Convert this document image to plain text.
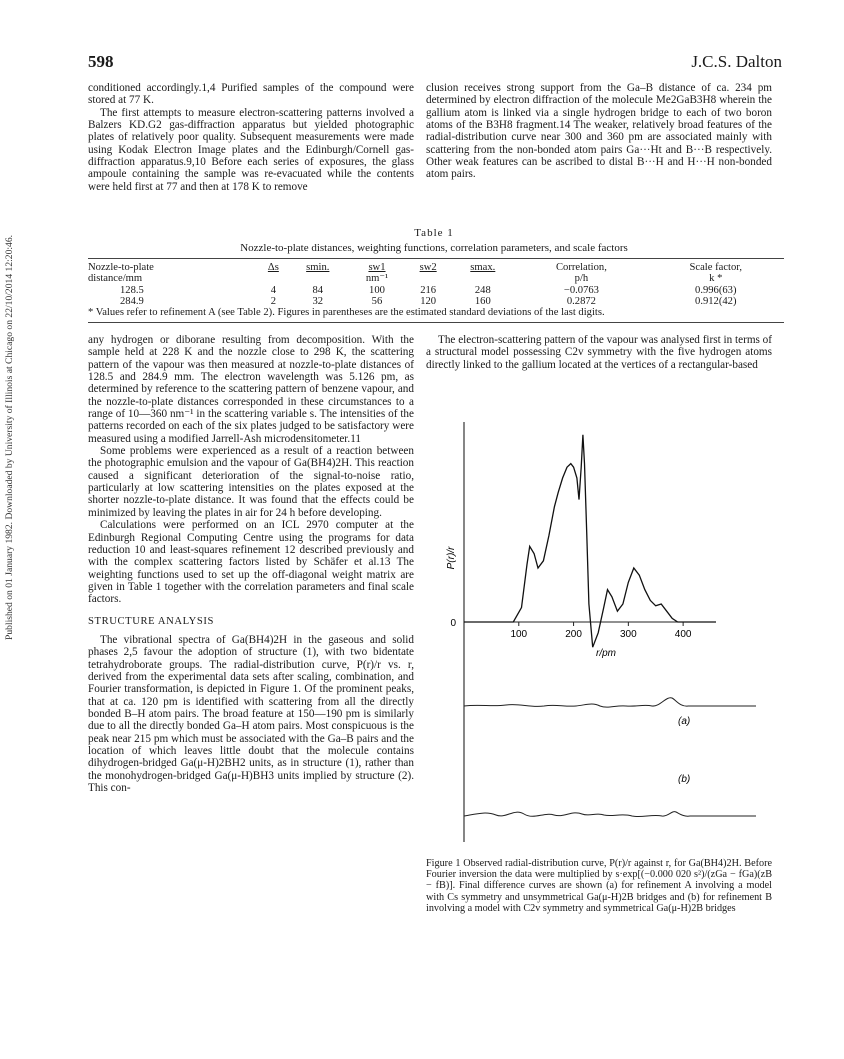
598	J.C.S. Dalton
Published on 01 January 1982. Downloaded by University of Illinois at Chicago on 22/10/2014 12:20:46.

conditioned accordingly.1,4 Purified samples of the compound were stored at 77 K.

The first attempts to measure electron-scattering patterns involved a Balzers KD.G2 gas-diffraction apparatus but yielded photographic plates of relatively poor quality. Subsequent measurements were made using Kodak Electron Image plates and the Edinburgh/Cornell gas-diffraction apparatus.9,10 Before each series of exposures, the glass ampoule containing the sample was re-evacuated while the contents were held first at 77 and then at 178 K to remove

clusion receives strong support from the Ga–B distance of ca. 234 pm determined by electron diffraction of the molecule Me2GaB3H8 wherein the gallium atom is linked via a single hydrogen bridge to each of two boron atoms of the B3H8 fragment.14 The weaker, relatively broad features of the radial-distribution curve near 300 and 360 pm are associated mainly with scattering from the non-bonded atom pairs Ga···Ht and B···B respectively. Other weak features can be ascribed to distal B···H and H···H non-bonded atom pairs.

Table 1
Nozzle-to-plate distances, weighting functions, correlation parameters, and scale factors
Nozzle-to-plate	Δs	smin.	sw1	sw2	smax.	Correlation,	Scale factor,
distance/mm			nm⁻¹			p/h	k *
128.5	4	84	100	216	248	−0.0763	0.996(63)
284.9	2	32	56	120	160	0.2872	0.912(42)
* Values refer to refinement A (see Table 2). Figures in parentheses are the estimated standard deviations of the last digits.

any hydrogen or diborane resulting from decomposition. With the sample held at 228 K and the nozzle close to 298 K, the scattering pattern of the vapour was then measured at nozzle-to-plate distances of 128.5 and 284.9 mm. The electron wavelength was 5.126 pm, as determined by reference to the scattering pattern of benzene vapour, and the nozzle-to-plate distances corresponded in these circumstances to a range of 10—360 nm⁻¹ in the scattering variable s. The intensities of the patterns recorded on each of the six plates judged to be satisfactory were measured using a modified Jarrell-Ash microdensitometer.11

Some problems were experienced as a result of a reaction between the photographic emulsion and the vapour of Ga(BH4)2H. This reaction caused a significant deterioration of the signal-to-noise ratio, particularly at low scattering intensities on the plates exposed at the shorter nozzle-to-plate distance. It was found that the effects could be minimized by leaving the plates in air for 24 h before developing.

Calculations were performed on an ICL 2970 computer at the Edinburgh Regional Computing Centre using the programs for data reduction 10 and least-squares refinement 12 described previously and with the complex scattering factors listed by Schäfer et al.13 The weighting functions used to set up the off-diagonal weight matrix are given in Table 1 together with the correlation parameters and final scale factors.

STRUCTURE ANALYSIS

The vibrational spectra of Ga(BH4)2H in the gaseous and solid phases 2,5 favour the adoption of structure (1), with two bidentate tetrahydroborate groups. The radial-distribution curve, P(r)/r vs. r, derived from the experimental data sets after scaling, combination, and Fourier transformation, is depicted in Figure 1. Of the prominent peaks, that at ca. 120 pm is identified with scattering from all the directly bonded B–H atom pairs. The broad feature at 150—190 pm is similarly due to all the directly bonded Ga–H atom pairs. Most conspicuous is the peak near 215 pm which must be associated with the Ga–B pairs and the location of which leaves little doubt that the molecule contains dihydrogen-bridged Ga(μ-H)2BH2 units, as in structure (1), rather than the monohydrogen-bridged Ga(μ-H)BH3 units implied by structure (2). This con-

The electron-scattering pattern of the vapour was analysed first in terms of a structural model possessing C2v symmetry with the five hydrogen atoms directly linked to the gallium located at the vertices of a rectangular-based

0
P(r)/r
r/pm
100	200	300	400
(a)
(b)
Figure 1 Observed radial-distribution curve, P(r)/r against r, for Ga(BH4)2H. Before Fourier inversion the data were multiplied by s·exp[(−0.000 020 s²)/(zGa − fGa)(zB − fB)]. Final difference curves are shown (a) for refinement A involving a model with Cs symmetry and unsymmetrical Ga(μ-H)2B bridges and (b) for refinement B involving a model with C2v symmetry and symmetrical Ga(μ-H)2B bridges
